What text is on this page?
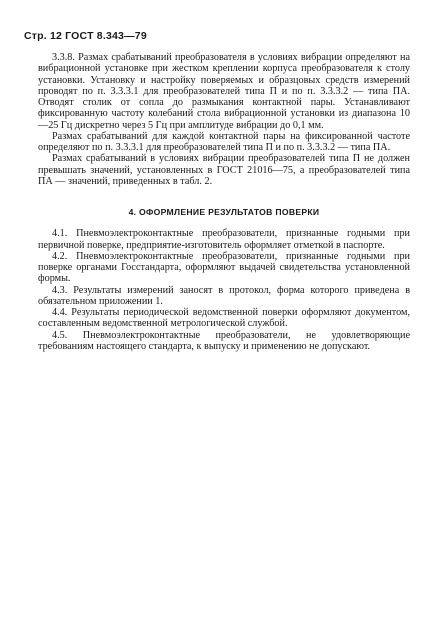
Стр. 12 ГОСТ 8.343—79

3.3.8. Размах срабатываний преобразователя в условиях вибрации определяют на вибрационной установке при жестком креплении корпуса преобразователя к столу установки. Установку и настройку поверяемых и образцовых средств измерений проводят по п. 3.3.3.1 для преобразователей типа П и по п. 3.3.3.2 — типа ПА. Отводят столик от сопла до размыкания контактной пары. Устанавливают фиксированную частоту колебаний стола вибрационной установки из диапазона 10—25 Гц дискретно через 5 Гц при амплитуде вибрации до 0,1 мм.

Размах срабатываний для каждой контактной пары на фиксированной частоте определяют по п. 3.3.3.1 для преобразователей типа П и по п. 3.3.3.2 — типа ПА.

Размах срабатываний в условиях вибрации преобразователей типа П не должен превышать значений, установленных в ГОСТ 21016—75, а преобразователей типа ПА — значений, приведенных в табл. 2.

4. ОФОРМЛЕНИЕ РЕЗУЛЬТАТОВ ПОВЕРКИ

4.1. Пневмоэлектроконтактные преобразователи, признанные годными при первичной поверке, предприятие-изготовитель оформляет отметкой в паспорте.

4.2. Пневмоэлектроконтактные преобразователи, признанные годными при поверке органами Госстандарта, оформляют выдачей свидетельства установленной формы.

4.3. Результаты измерений заносят в протокол, форма которого приведена в обязательном приложении 1.

4.4. Результаты периодической ведомственной поверки оформляют документом, составленным ведомственной метрологической службой.

4.5. Пневмоэлектроконтактные преобразователи, не удовлетворяющие требованиям настоящего стандарта, к выпуску и применению не допускают.
